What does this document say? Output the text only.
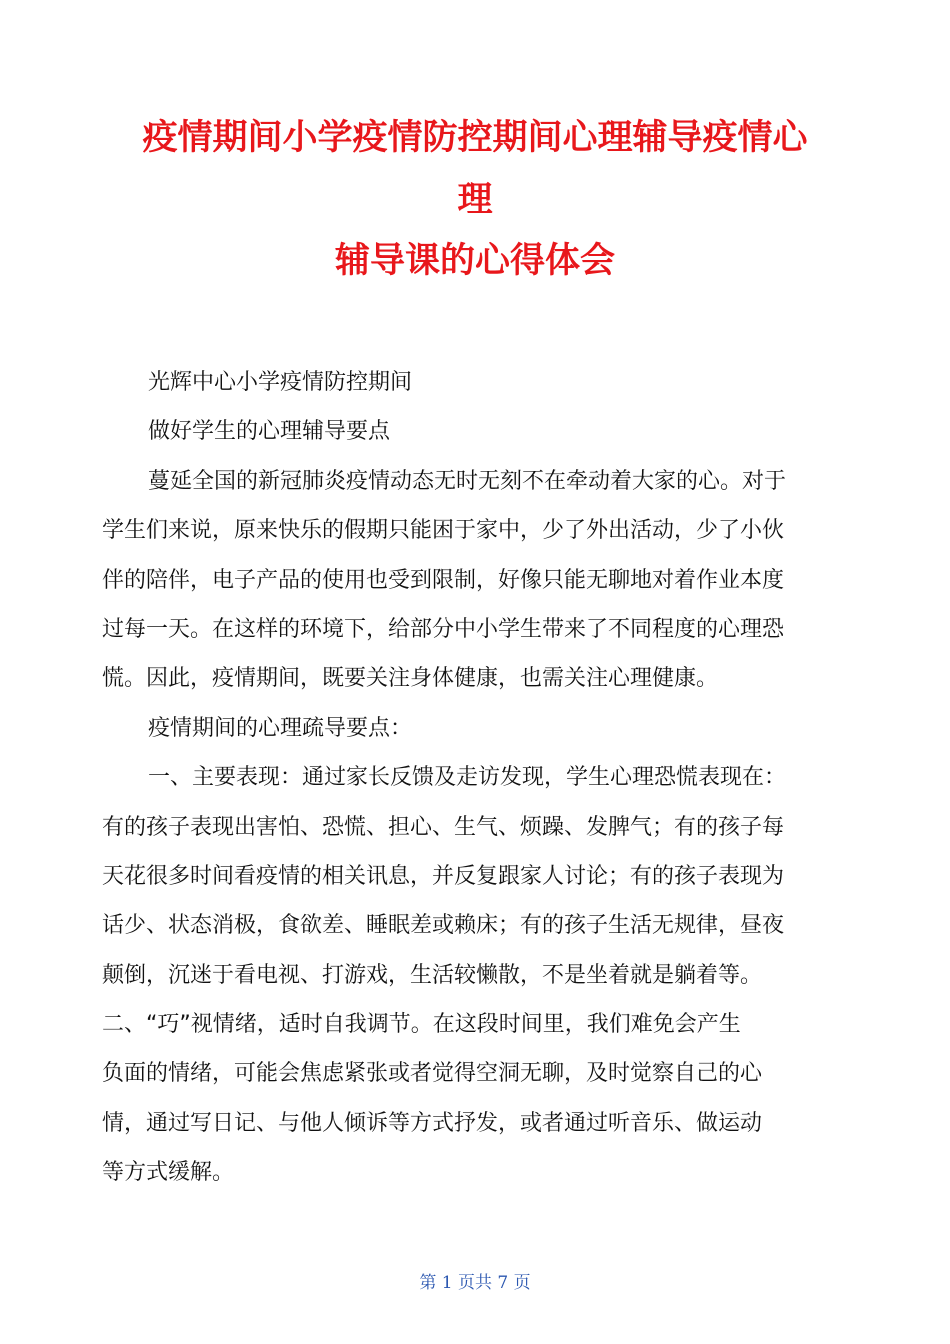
疫情期间小学疫情防控期间心理辅导疫情心
理
辅导课的心得体会
光辉中心小学疫情防控期间
做好学生的心理辅导要点
蔓延全国的新冠肺炎疫情动态无时无刻不在牵动着大家的心。对于
学生们来说，原来快乐的假期只能困于家中，少了外出活动，少了小伙
伴的陪伴，电子产品的使用也受到限制，好像只能无聊地对着作业本度
过每一天。在这样的环境下，给部分中小学生带来了不同程度的心理恐
慌。因此，疫情期间，既要关注身体健康，也需关注心理健康。
疫情期间的心理疏导要点：
一、主要表现：通过家长反馈及走访发现，学生心理恐慌表现在：
有的孩子表现出害怕、恐慌、担心、生气、烦躁、发脾气；有的孩子每
天花很多时间看疫情的相关讯息，并反复跟家人讨论；有的孩子表现为
话少、状态消极，食欲差、睡眠差或赖床；有的孩子生活无规律，昼夜
颠倒，沉迷于看电视、打游戏，生活较懒散，不是坐着就是躺着等。
二、“巧”视情绪，适时自我调节。在这段时间里，我们难免会产生
负面的情绪，可能会焦虑紧张或者觉得空洞无聊，及时觉察自己的心
情，通过写日记、与他人倾诉等方式抒发，或者通过听音乐、做运动
等方式缓解。
第 1 页共 7 页
